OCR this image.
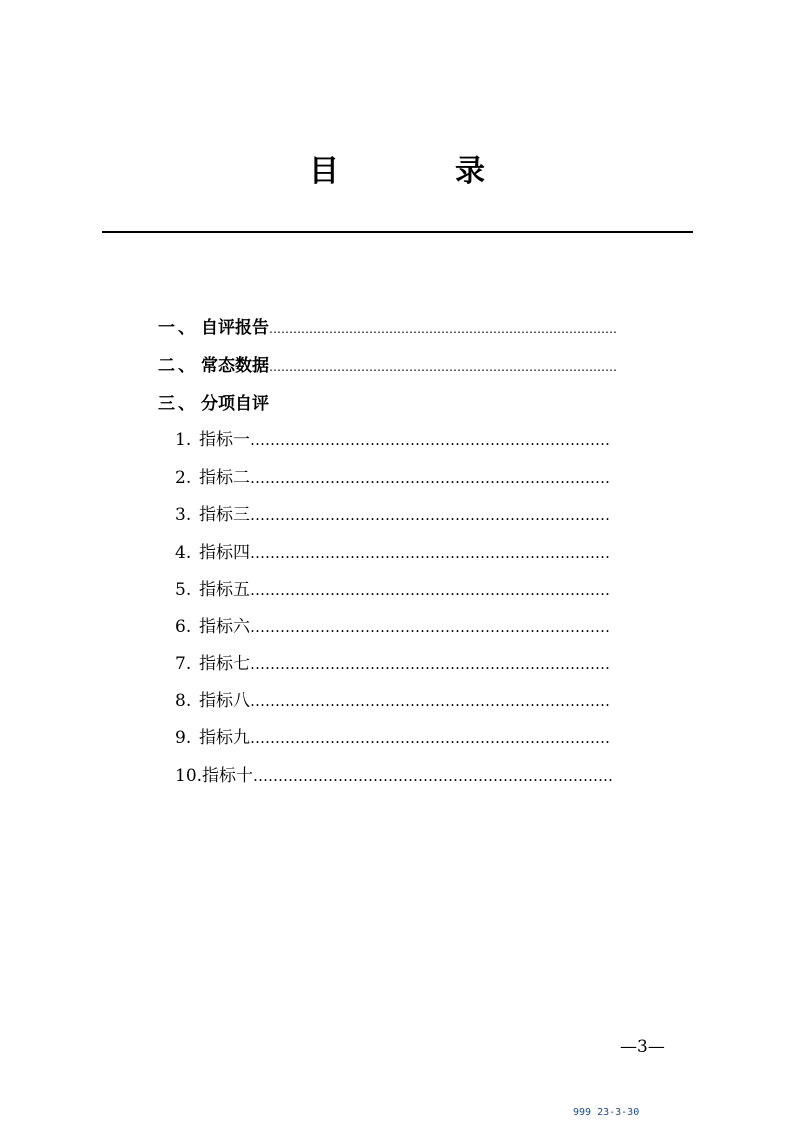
目	录
一 、 自评报告……………………………………………………………………………
二 、 常态数据……………………………………………………………………………
三 、 分项自评
1. 指标一………………………………………………………………
2. 指标二………………………………………………………………
3. 指标三………………………………………………………………
4. 指标四………………………………………………………………
5. 指标五………………………………………………………………
6. 指标六………………………………………………………………
7. 指标七………………………………………………………………
8. 指标八………………………………………………………………
9. 指标九………………………………………………………………
10.指标十………………………………………………………………
—3—
999 23-3-30
